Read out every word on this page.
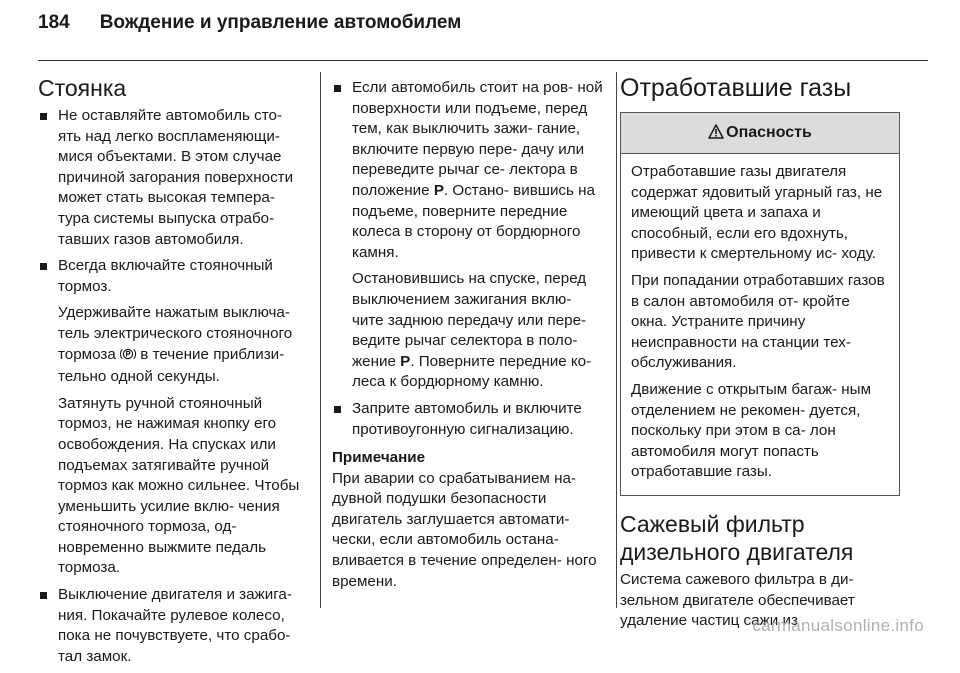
184 Вождение и управление автомобилем
Стоянка
Не оставляйте автомобиль сто- ять над легко воспламеняющи- мися объектами. В этом случае причиной загорания поверхности может стать высокая темпера- тура системы выпуска отрабо- тавших газов автомобиля.
Всегда включайте стояночный тормоз.
Удерживайте нажатым выключа- тель электрического стояночного тормоза в течение приблизи- тельно одной секунды.
Затянуть ручной стояночный тормоз, не нажимая кнопку его освобождения. На спусках или подъемах затягивайте ручной тормоз как можно сильнее. Чтобы уменьшить усилие вклю- чения стояночного тормоза, од- новременно выжмите педаль тормоза.
Выключение двигателя и зажига- ния. Покачайте рулевое колесо, пока не почувствуете, что срабо- тал замок.
Если автомобиль стоит на ров- ной поверхности или подъеме, перед тем, как выключить зажи- гание, включите первую пере- дачу или переведите рычаг се- лектора в положение P. Остано- вившись на подъеме, поверните передние колеса в сторону от бордюрного камня.
Остановившись на спуске, перед выключением зажигания вклю- чите заднюю передачу или пере- ведите рычаг селектора в поло- жение P. Поверните передние ко- леса к бордюрному камню.
Заприте автомобиль и включите противоугонную сигнализацию.
Примечание
При аварии со срабатыванием на- дувной подушки безопасности двигатель заглушается автомати- чески, если автомобиль остана- вливается в течение определен- ного времени.
Отработавшие газы
Опасность

Отработавшие газы двигателя содержат ядовитый угарный газ, не имеющий цвета и запаха и способный, если его вдохнуть, привести к смертельному ис- ходу.

При попадании отработавших газов в салон автомобиля от- кройте окна. Устраните причину неисправности на станции тех- обслуживания.

Движение с открытым багаж- ным отделением не рекомен- дуется, поскольку при этом в са- лон автомобиля могут попасть отработавшие газы.

Сажевый фильтр
дизельного двигателя
Система сажевого фильтра в ди- зельном двигателе обеспечивает удаление частиц сажи из
carmanualsonline.info
